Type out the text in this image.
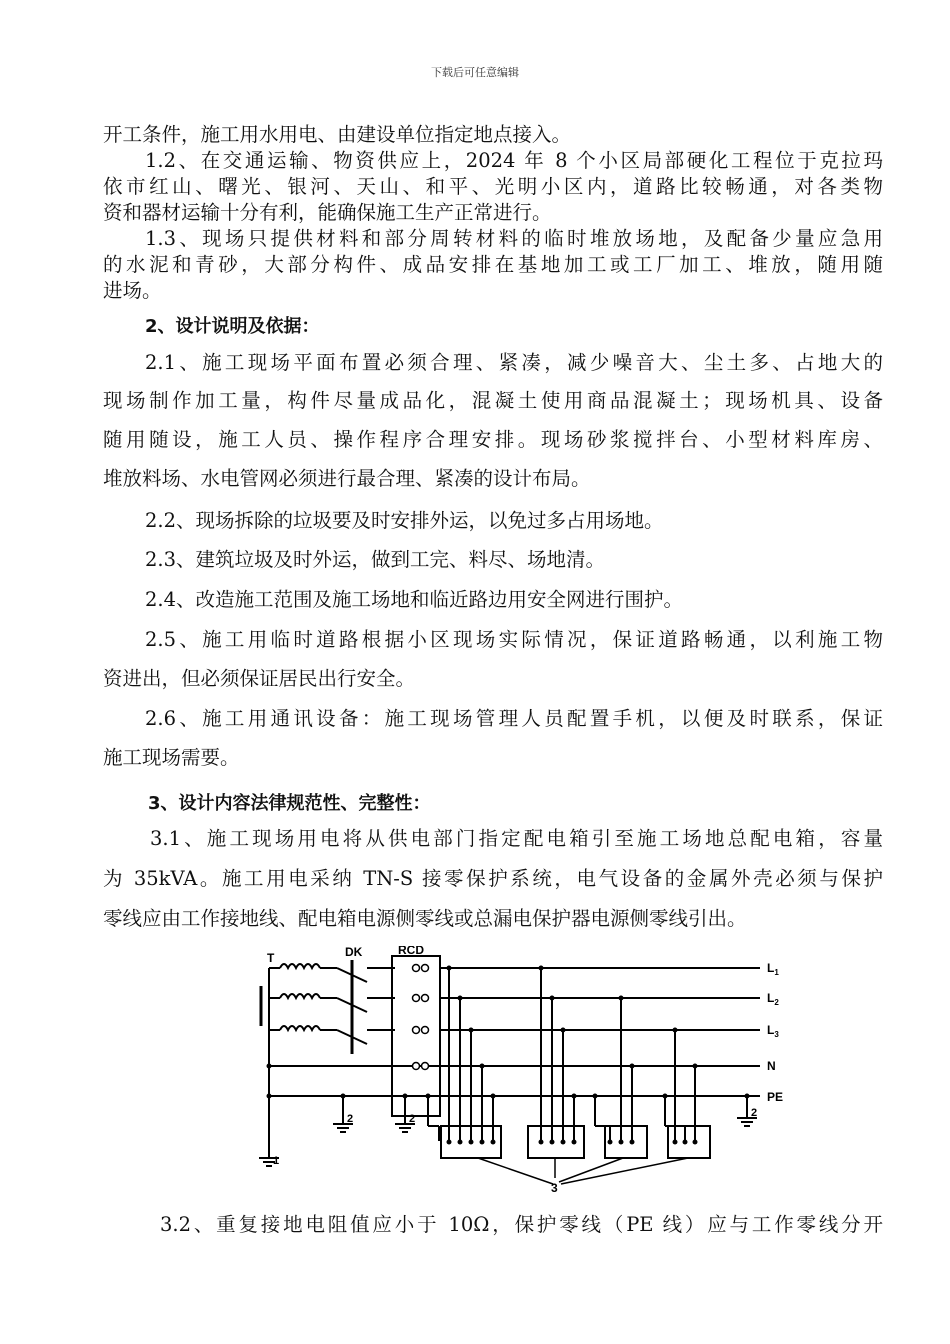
下载后可任意编辑
开工条件，施工用水用电、由建设单位指定地点接入。
1.2、在交通运输、物资供应上，2024 年 8 个小区局部硬化工程位于克拉玛
依市红山、曙光、银河、天山、和平、光明小区内，道路比较畅通，对各类物
资和器材运输十分有利，能确保施工生产正常进行。
1.3、现场只提供材料和部分周转材料的临时堆放场地，及配备少量应急用
的水泥和青砂，大部分构件、成品安排在基地加工或工厂加工、堆放，随用随
进场。
2、设计说明及依据：
2.1、施工现场平面布置必须合理、紧凑，减少噪音大、尘土多、占地大的
现场制作加工量，构件尽量成品化，混凝土使用商品混凝土；现场机具、设备
随用随设，施工人员、操作程序合理安排。现场砂浆搅拌台、小型材料库房、
堆放料场、水电管网必须进行最合理、紧凑的设计布局。
2.2、现场拆除的垃圾要及时安排外运，以免过多占用场地。
2.3、建筑垃圾及时外运，做到工完、料尽、场地清。
2.4、改造施工范围及施工场地和临近路边用安全网进行围护。
2.5、施工用临时道路根据小区现场实际情况，保证道路畅通，以利施工物
资进出，但必须保证居民出行安全。
2.6、施工用通讯设备：施工现场管理人员配置手机，以便及时联系，保证
施工现场需要。
3、设计内容法律规范性、完整性：
3.1、施工现场用电将从供电部门指定配电箱引至施工场地总配电箱，容量
为 35kVA。施工用电采纳 TN-S 接零保护系统，电气设备的金属外壳必须与保护
零线应由工作接地线、配电箱电源侧零线或总漏电保护器电源侧零线引出。
T	DK	RCD
$L_1$
$L_2$
$L_3$
N
PE
1
2	2	2
3
3.2、重复接地电阻值应小于 10Ω，保护零线（PE 线）应与工作零线分开
